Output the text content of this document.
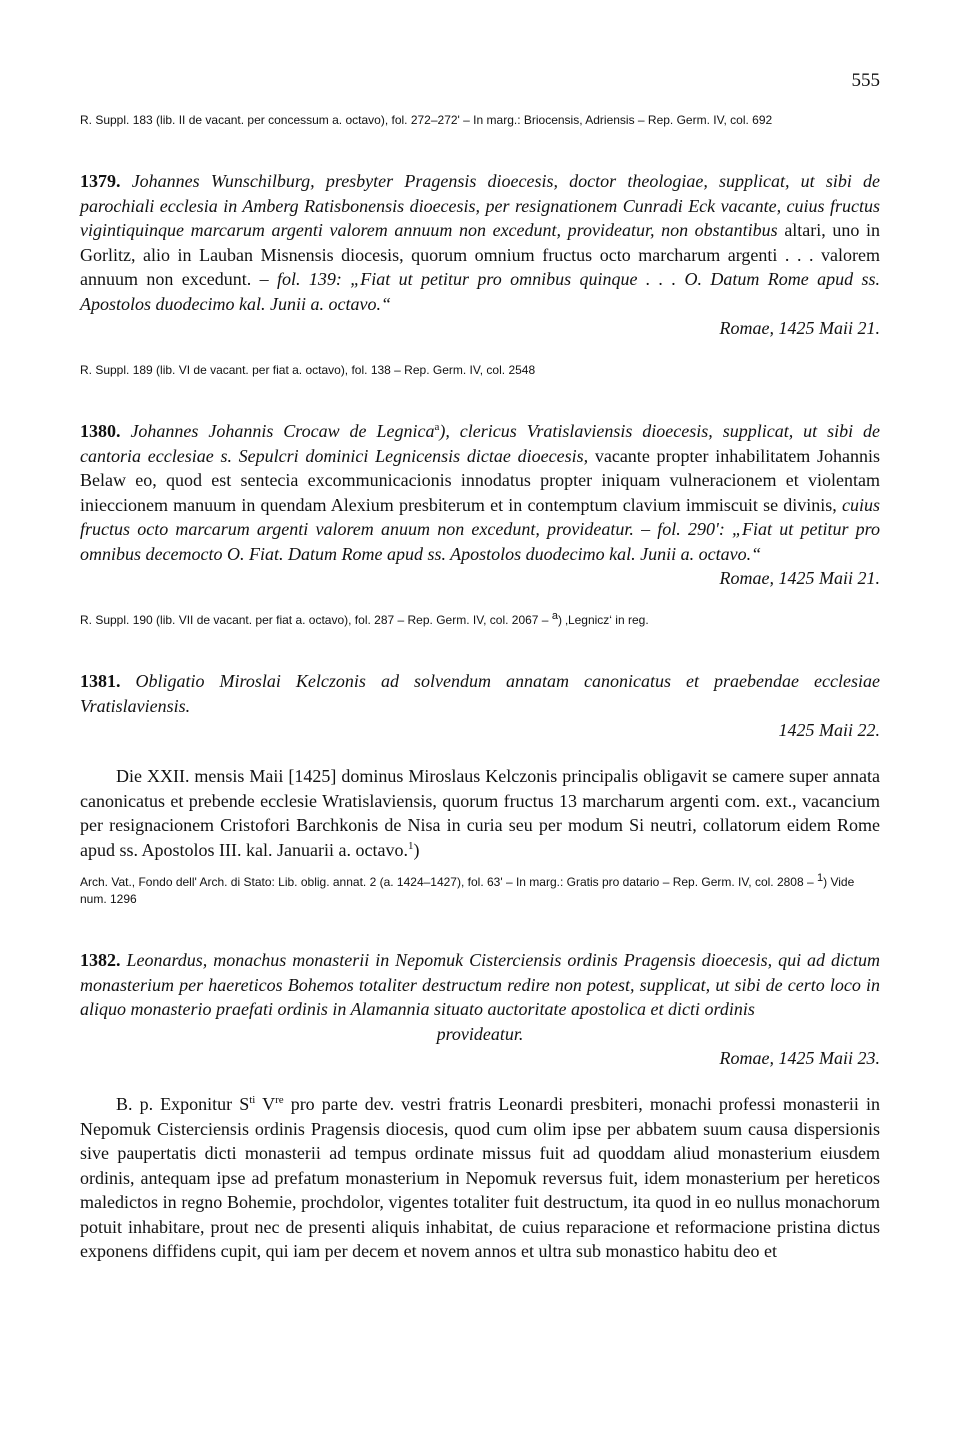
555
R. Suppl. 183 (lib. II de vacant. per concessum a. octavo), fol. 272–272' – In marg.: Briocensis, Adriensis – Rep. Germ. IV, col. 692
1379. Johannes Wunschilburg, presbyter Pragensis dioecesis, doctor theologiae, supplicat, ut sibi de parochiali ecclesia in Amberg Ratisbonensis dioecesis, per resignationem Cunradi Eck vacante, cuius fructus vigintiquinque marcarum argenti valorem annuum non excedunt, provideatur, non obstantibus altari, uno in Gorlitz, alio in Lauban Misnensis diocesis, quorum omnium fructus octo marcharum argenti . . . valorem annuum non excedunt. – fol. 139: „Fiat ut petitur pro omnibus quinque . . . O. Datum Rome apud ss. Apostolos duodecimo kal. Junii a. octavo.“
Romae, 1425 Maii 21.
R. Suppl. 189 (lib. VI de vacant. per fiat a. octavo), fol. 138 – Rep. Germ. IV, col. 2548
1380. Johannes Johannis Crocaw de Legnica$^a$), clericus Vratislaviensis dioecesis, supplicat, ut sibi de cantoria ecclesiae s. Sepulcri dominici Legnicensis dictae dioecesis, vacante propter inhabilitatem Johannis Belaw eo, quod est sentecia excommunicacionis innodatus propter iniquam vulneracionem et violentam inieccionem manuum in quendam Alexium presbiterum et in contemptum clavium immiscuit se divinis, cuius fructus octo marcarum argenti valorem anuum non excedunt, provideatur. – fol. 290': „Fiat ut petitur pro omnibus decemocto O. Fiat. Datum Rome apud ss. Apostolos duodecimo kal. Junii a. octavo.“
Romae, 1425 Maii 21.
R. Suppl. 190 (lib. VII de vacant. per fiat a. octavo), fol. 287 – Rep. Germ. IV, col. 2067 – $^a$) ‚Legnicz‘ in reg.
1381. Obligatio Miroslai Kelczonis ad solvendum annatam canonicatus et praebendae ecclesiae Vratislaviensis.
1425 Maii 22.
Die XXII. mensis Maii [1425] dominus Miroslaus Kelczonis principalis obligavit se camere super annata canonicatus et prebende ecclesie Wratislaviensis, quorum fructus 13 marcharum argenti com. ext., vacancium per resignacionem Cristofori Barchkonis de Nisa in curia seu per modum Si neutri, collatorum eidem Rome apud ss. Apostolos III. kal. Januarii a. octavo.$^1$)
Arch. Vat., Fondo dell' Arch. di Stato: Lib. oblig. annat. 2 (a. 1424–1427), fol. 63' – In marg.: Gratis pro datario – Rep. Germ. IV, col. 2808 – $^1$) Vide num. 1296
1382. Leonardus, monachus monasterii in Nepomuk Cisterciensis ordinis Pragensis dioecesis, qui ad dictum monasterium per haereticos Bohemos totaliter destructum redire non potest, supplicat, ut sibi de certo loco in aliquo monasterio praefati ordinis in Alamannia situato auctoritate apostolica et dicti ordinis
provideatur.
Romae, 1425 Maii 23.
B. p. Exponitur $S^{ti}$ Vre pro parte dev. vestri fratris Leonardi presbiteri, monachi professi monasterii in Nepomuk Cisterciensis ordinis Pragensis diocesis, quod cum olim ipse per abbatem suum causa dispersionis sive paupertatis dicti monasterii ad tempus ordinate missus fuit ad quoddam aliud monasterium eiusdem ordinis, antequam ipse ad prefatum monasterium in Nepomuk reversus fuit, idem monasterium per hereticos maledictos in regno Bohemie, prochdolor, vigentes totaliter fuit destructum, ita quod in eo nullus monachorum potuit inhabitare, prout nec de presenti aliquis inhabitat, de cuius reparacione et reformacione pristina dictus exponens diffidens cupit, qui iam per decem et novem annos et ultra sub monastico habitu deo et
